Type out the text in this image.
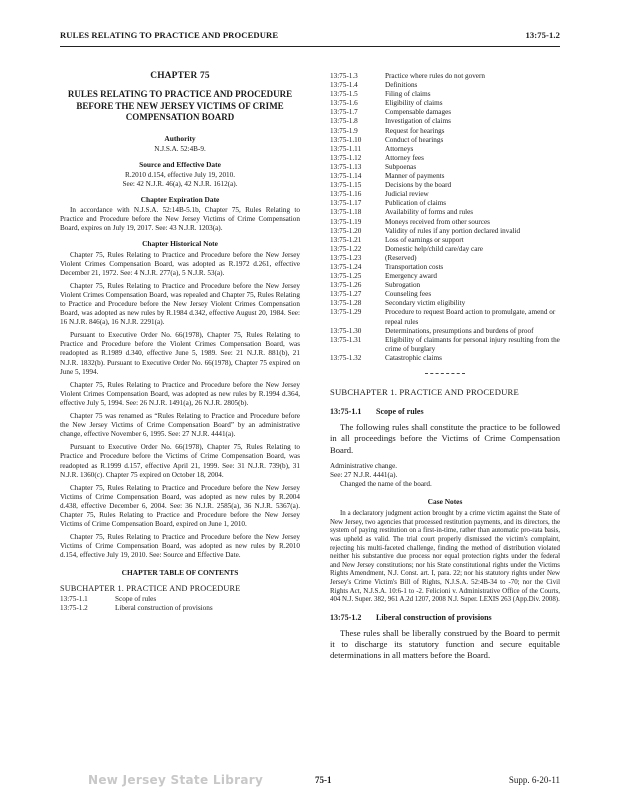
RULES RELATING TO PRACTICE AND PROCEDURE	13:75-1.2
CHAPTER 75
RULES RELATING TO PRACTICE AND PROCEDURE BEFORE THE NEW JERSEY VICTIMS OF CRIME COMPENSATION BOARD
Authority

N.J.S.A. 52:4B-9.

Source and Effective Date

R.2010 d.154, effective July 19, 2010.

See: 42 N.J.R. 46(a), 42 N.J.R. 1612(a).

Chapter Expiration Date

In accordance with N.J.S.A. 52:14B-5.1b, Chapter 75, Rules Relating to Practice and Procedure before the New Jersey Victims of Crime Compensation Board, expires on July 19, 2017. See: 43 N.J.R. 1203(a).

Chapter Historical Note

Chapter 75, Rules Relating to Practice and Procedure before the New Jersey Violent Crimes Compensation Board, was adopted as R.1972 d.261, effective December 21, 1972. See: 4 N.J.R. 277(a), 5 N.J.R. 53(a).

Chapter 75, Rules Relating to Practice and Procedure before the New Jersey Violent Crimes Compensation Board, was repealed and Chapter 75, Rules Relating to Practice and Procedure before the New Jersey Violent Crimes Compensation Board, was adopted as new rules by R.1984 d.342, effective August 20, 1984. See: 16 N.J.R. 846(a), 16 N.J.R. 2291(a).

Pursuant to Executive Order No. 66(1978), Chapter 75, Rules Relating to Practice and Procedure before the Violent Crimes Compensation Board, was readopted as R.1989 d.340, effective June 5, 1989. See: 21 N.J.R. 881(b), 21 N.J.R. 1832(b). Pursuant to Executive Order No. 66(1978), Chapter 75 expired on June 5, 1994.

Chapter 75, Rules Relating to Practice and Procedure before the New Jersey Violent Crimes Compensation Board, was adopted as new rules by R.1994 d.364, effective July 5, 1994. See: 26 N.J.R. 1491(a), 26 N.J.R. 2805(b).

Chapter 75 was renamed as “Rules Relating to Practice and Procedure before the New Jersey Victims of Crime Compensation Board” by an administrative change, effective November 6, 1995. See: 27 N.J.R. 4441(a).

Pursuant to Executive Order No. 66(1978), Chapter 75, Rules Relating to Practice and Procedure before the Victims of Crime Compensation Board, was readopted as R.1999 d.157, effective April 21, 1999. See: 31 N.J.R. 739(b), 31 N.J.R. 1360(c). Chapter 75 expired on October 18, 2004.

Chapter 75, Rules Relating to Practice and Procedure before the New Jersey Victims of Crime Compensation Board, was adopted as new rules by R.2004 d.438, effective December 6, 2004. See: 36 N.J.R. 2585(a), 36 N.J.R. 5367(a). Chapter 75, Rules Relating to Practice and Procedure before the New Jersey Victims of Crime Compensation Board, expired on June 1, 2010.

Chapter 75, Rules Relating to Practice and Procedure before the New Jersey Victims of Crime Compensation Board, was adopted as new rules by R.2010 d.154, effective July 19, 2010. See: Source and Effective Date.

CHAPTER TABLE OF CONTENTS
SUBCHAPTER 1. PRACTICE AND PROCEDURE
13:75-1.1	Scope of rules
13:75-1.2	Liberal construction of provisions
13:75-1.3	Practice where rules do not govern
13:75-1.4	Definitions
13:75-1.5	Filing of claims
13:75-1.6	Eligibility of claims
13:75-1.7	Compensable damages
13:75-1.8	Investigation of claims
13:75-1.9	Request for hearings
13:75-1.10	Conduct of hearings
13:75-1.11	Attorneys
13:75-1.12	Attorney fees
13:75-1.13	Subpoenas
13:75-1.14	Manner of payments
13:75-1.15	Decisions by the board
13:75-1.16	Judicial review
13:75-1.17	Publication of claims
13:75-1.18	Availability of forms and rules
13:75-1.19	Moneys received from other sources
13:75-1.20	Validity of rules if any portion declared invalid
13:75-1.21	Loss of earnings or support
13:75-1.22	Domestic help/child care/day care
13:75-1.23	(Reserved)
13:75-1.24	Transportation costs
13:75-1.25	Emergency award
13:75-1.26	Subrogation
13:75-1.27	Counseling fees
13:75-1.28	Secondary victim eligibility
13:75-1.29	Procedure to request Board action to promulgate, amend or repeal rules
13:75-1.30	Determinations, presumptions and burdens of proof
13:75-1.31	Eligibility of claimants for personal injury resulting from the crime of burglary
13:75-1.32	Catastrophic claims
SUBCHAPTER 1. PRACTICE AND PROCEDURE
13:75-1.1 Scope of rules

The following rules shall constitute the practice to be followed in all proceedings before the Victims of Crime Compensation Board.

Administrative change.
See: 27 N.J.R. 4441(a).
Changed the name of the board.
Case Notes

In a declaratory judgment action brought by a crime victim against the State of New Jersey, two agencies that processed restitution payments, and its directors, the system of paying restitution on a first-in-time, rather than automatic pro-rata basis, was upheld as valid. The trial court properly dismissed the victim's complaint, rejecting his multi-faceted challenge, finding the method of distribution violated neither his substantive due process nor equal protection rights under the federal and New Jersey constitutions; nor his State constitutional rights under the Victims Rights Amendment, N.J. Const. art. I, para. 22; nor his statutory rights under New Jersey's Crime Victim's Bill of Rights, N.J.S.A. 52:4B-34 to -70; nor the Civil Rights Act, N.J.S.A. 10:6-1 to -2. Felicioni v. Administrative Office of the Courts, 404 N.J. Super. 382, 961 A.2d 1207, 2008 N.J. Super. LEXIS 263 (App.Div. 2008).

13:75-1.2 Liberal construction of provisions

These rules shall be liberally construed by the Board to permit it to discharge its statutory function and secure equitable determinations in all matters before the Board.

New Jersey State Library	75-1	Supp. 6-20-11
